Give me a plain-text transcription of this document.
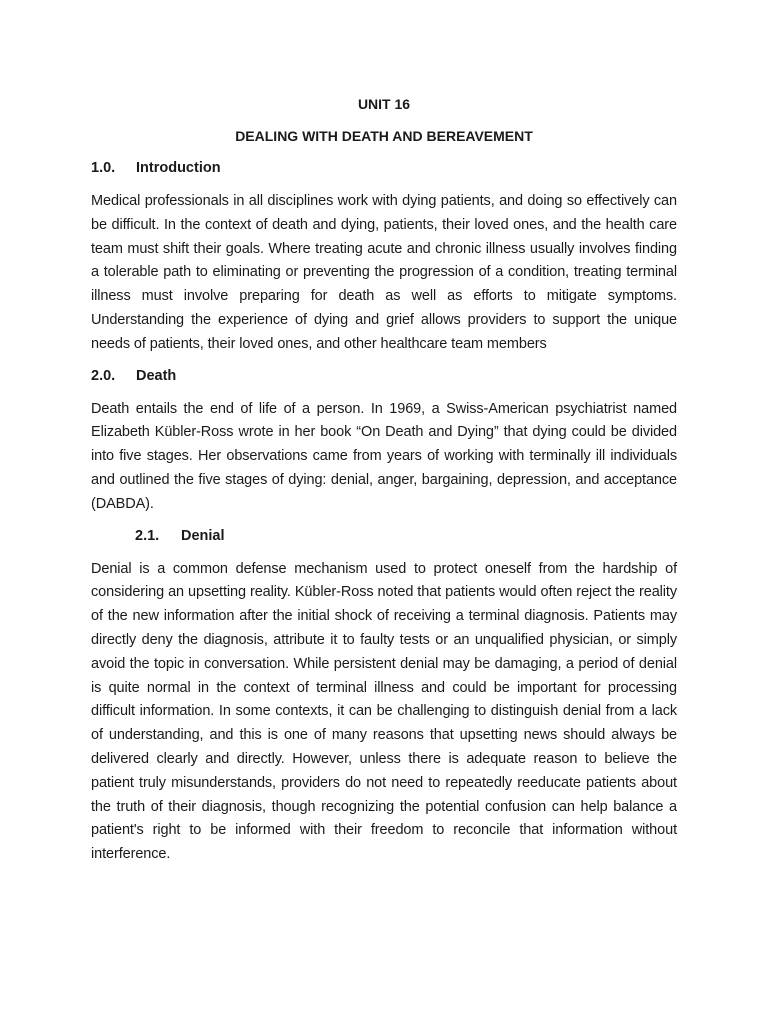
UNIT 16
DEALING WITH DEATH AND BEREAVEMENT
1.0.	Introduction

Medical professionals in all disciplines work with dying patients, and doing so effectively can be difficult. In the context of death and dying, patients, their loved ones, and the health care team must shift their goals. Where treating acute and chronic illness usually involves finding a tolerable path to eliminating or preventing the progression of a condition, treating terminal illness must involve preparing for death as well as efforts to mitigate symptoms. Understanding the experience of dying and grief allows providers to support the unique needs of patients, their loved ones, and other healthcare team members

2.0.	Death

Death entails the end of life of a person. In 1969, a Swiss-American psychiatrist named Elizabeth Kübler-Ross wrote in her book “On Death and Dying” that dying could be divided into five stages. Her observations came from years of working with terminally ill individuals and outlined the five stages of dying: denial, anger, bargaining, depression, and acceptance (DABDA).

2.1.	Denial

Denial is a common defense mechanism used to protect oneself from the hardship of considering an upsetting reality. Kübler-Ross noted that patients would often reject the reality of the new information after the initial shock of receiving a terminal diagnosis. Patients may directly deny the diagnosis, attribute it to faulty tests or an unqualified physician, or simply avoid the topic in conversation. While persistent denial may be damaging, a period of denial is quite normal in the context of terminal illness and could be important for processing difficult information. In some contexts, it can be challenging to distinguish denial from a lack of understanding, and this is one of many reasons that upsetting news should always be delivered clearly and directly. However, unless there is adequate reason to believe the patient truly misunderstands, providers do not need to repeatedly reeducate patients about the truth of their diagnosis, though recognizing the potential confusion can help balance a patient's right to be informed with their freedom to reconcile that information without interference.
